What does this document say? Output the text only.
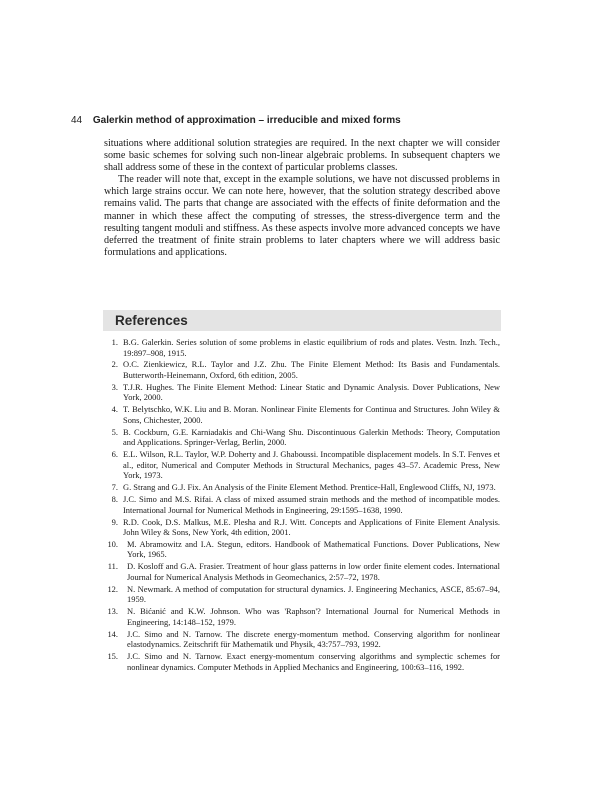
44 Galerkin method of approximation – irreducible and mixed forms

situations where additional solution strategies are required. In the next chapter we will consider some basic schemes for solving such non-linear algebraic problems. In subsequent chapters we shall address some of these in the context of particular problems classes.

The reader will note that, except in the example solutions, we have not discussed problems in which large strains occur. We can note here, however, that the solution strategy described above remains valid. The parts that change are associated with the effects of finite deformation and the manner in which these affect the computing of stresses, the stress-divergence term and the resulting tangent moduli and stiffness. As these aspects involve more advanced concepts we have deferred the treatment of finite strain problems to later chapters where we will address basic formulations and applications.

References
1. B.G. Galerkin. Series solution of some problems in elastic equilibrium of rods and plates. Vestn. Inzh. Tech., 19:897–908, 1915.
2. O.C. Zienkiewicz, R.L. Taylor and J.Z. Zhu. The Finite Element Method: Its Basis and Fundamentals. Butterworth-Heinemann, Oxford, 6th edition, 2005.
3. T.J.R. Hughes. The Finite Element Method: Linear Static and Dynamic Analysis. Dover Publications, New York, 2000.
4. T. Belytschko, W.K. Liu and B. Moran. Nonlinear Finite Elements for Continua and Structures. John Wiley & Sons, Chichester, 2000.
5. B. Cockburn, G.E. Karniadakis and Chi-Wang Shu. Discontinuous Galerkin Methods: Theory, Computation and Applications. Springer-Verlag, Berlin, 2000.
6. E.L. Wilson, R.L. Taylor, W.P. Doherty and J. Ghaboussi. Incompatible displacement models. In S.T. Fenves et al., editor, Numerical and Computer Methods in Structural Mechanics, pages 43–57. Academic Press, New York, 1973.
7. G. Strang and G.J. Fix. An Analysis of the Finite Element Method. Prentice-Hall, Englewood Cliffs, NJ, 1973.
8. J.C. Simo and M.S. Rifai. A class of mixed assumed strain methods and the method of incompatible modes. International Journal for Numerical Methods in Engineering, 29:1595–1638, 1990.
9. R.D. Cook, D.S. Malkus, M.E. Plesha and R.J. Witt. Concepts and Applications of Finite Element Analysis. John Wiley & Sons, New York, 4th edition, 2001.
10. M. Abramowitz and I.A. Stegun, editors. Handbook of Mathematical Functions. Dover Publications, New York, 1965.
11. D. Kosloff and G.A. Frasier. Treatment of hour glass patterns in low order finite element codes. International Journal for Numerical Analysis Methods in Geomechanics, 2:57–72, 1978.
12. N. Newmark. A method of computation for structural dynamics. J. Engineering Mechanics, ASCE, 85:67–94, 1959.
13. N. Bićanić and K.W. Johnson. Who was 'Raphson'? International Journal for Numerical Methods in Engineering, 14:148–152, 1979.
14. J.C. Simo and N. Tarnow. The discrete energy-momentum method. Conserving algorithm for nonlinear elastodynamics. Zeitschrift für Mathematik und Physik, 43:757–793, 1992.
15. J.C. Simo and N. Tarnow. Exact energy-momentum conserving algorithms and symplectic schemes for nonlinear dynamics. Computer Methods in Applied Mechanics and Engineering, 100:63–116, 1992.
